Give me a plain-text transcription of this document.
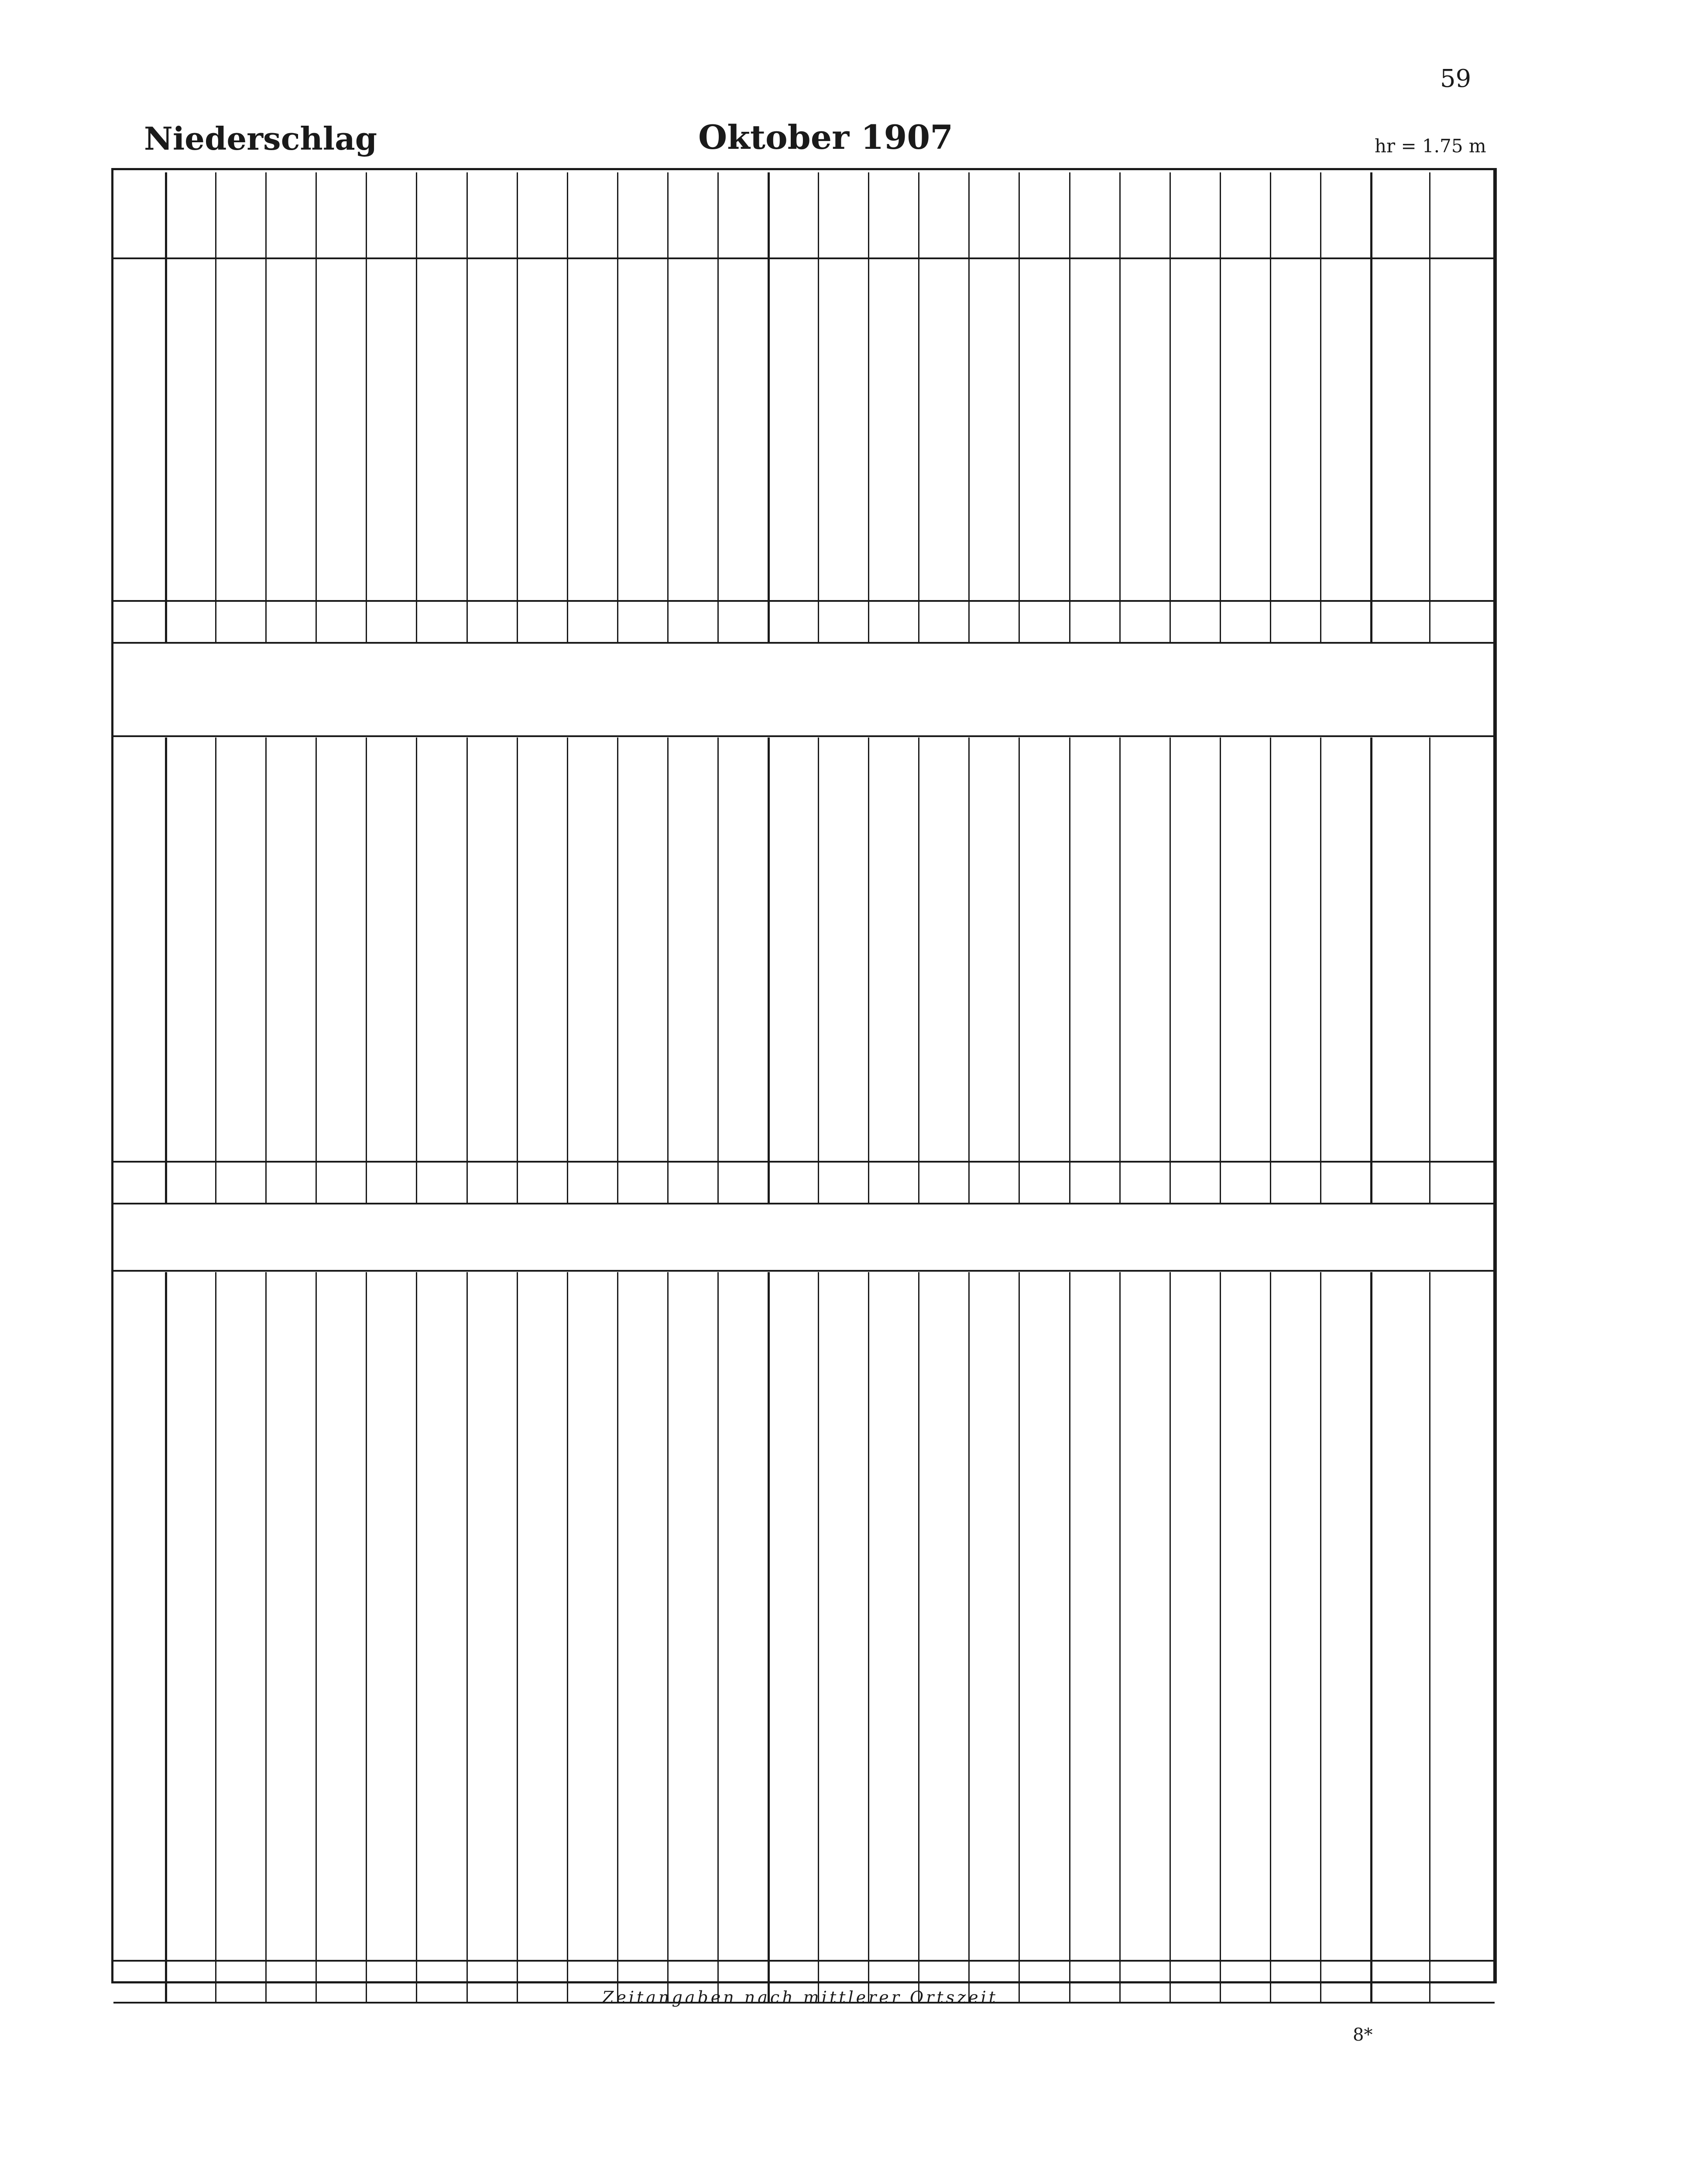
59
Niederschlag	Oktober 1907	hr = 1.75 m
Zeitangaben nach mittlerer Ortszeit
8*
